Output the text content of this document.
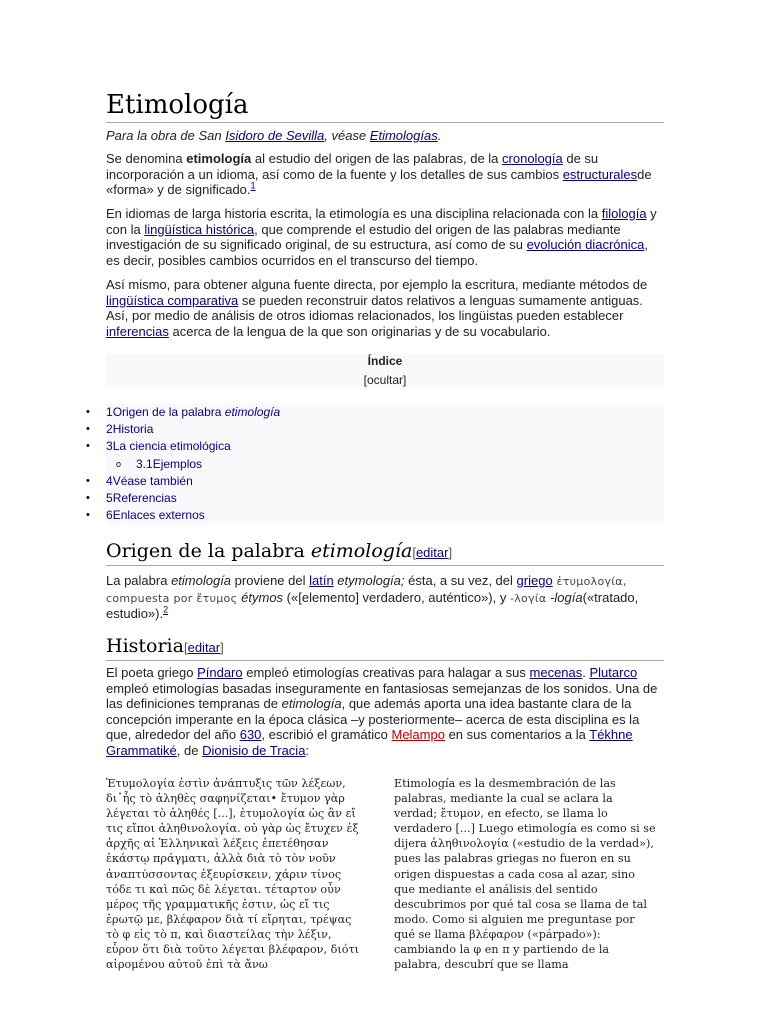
Etimología
Para la obra de San Isidoro de Sevilla, véase Etimologías.
Se denomina etimología al estudio del origen de las palabras, de la cronología de su incorporación a un idioma, así como de la fuente y los detalles de sus cambios estructuralesde «forma» y de significado.$^1$
En idiomas de larga historia escrita, la etimología es una disciplina relacionada con la filología y con la lingüística histórica, que comprende el estudio del origen de las palabras mediante investigación de su significado original, de su estructura, así como de su evolución diacrónica, es decir, posibles cambios ocurridos en el transcurso del tiempo.
Así mismo, para obtener alguna fuente directa, por ejemplo la escritura, mediante métodos de lingüística comparativa se pueden reconstruir datos relativos a lenguas sumamente antiguas. Así, por medio de análisis de otros idiomas relacionados, los lingüistas pueden establecer inferencias acerca de la lengua de la que son originarias y de su vocabulario.
Índice
[ocultar]
• 1Origen de la palabra etimología
• 2Historia
• 3La ciencia etimológica
o 3.1Ejemplos
• 4Véase también
• 5Referencias
• 6Enlaces externos
Origen de la palabra etimología[editar]
La palabra etimología proviene del latín etymología; ésta, a su vez, del griego ἐτυμολογία, compuesta por ἔτυμος étymos («[elemento] verdadero, auténtico»), y -λογία -logía(«tratado, estudio»).$^2$
Historia[editar]
El poeta griego Píndaro empleó etimologías creativas para halagar a sus mecenas. Plutarco empleó etimologías basadas inseguramente en fantasiosas semejanzas de los sonidos. Una de las definiciones tempranas de etimología, que además aporta una idea bastante clara de la concepción imperante en la época clásica –y posteriormente– acerca de esta disciplina es la que, alrededor del año 630, escribió el gramático Melampo en sus comentarios a la Tékhne Grammatiké, de Dionisio de Tracia:
Ἐτυμολογία ἐστὶν ἀνάπτυξις τῶν λέξεων, δι᾽ἧς τὸ ἀληθὲς σαφηνίζεται• ἔτυμον γὰρ λέγεται τὸ ἀληθές [...], ἐτυμολογία ὡς ἂν εἴ τις εἴποι ἀληθινολογία. οὐ γὰρ ὡς ἔτυχεν ἐξ ἀρχῆς αἱ Ἑλληνικαὶ λέξεις ἐπετέθησαν ἑκάστῳ πράγματι, ἀλλὰ διὰ τὸ τὸν νοῦν ἀναπτύσσοντας ἐξευρίσκειν, χάριν τίνος τόδε τι καὶ πῶς δὲ λέγεται. τέταρτον οὖν μέρος τῆς γραμματικῆς ἐστιν, ὡς εἴ τις ἐρωτῷ με, βλέφαρον διὰ τί εἴρηται, τρέψας τὸ φ εἰς τὸ π, καὶ διαστείλας τὴν λέξιν, εὗρον ὅτι διὰ τοῦτο λέγεται βλέφαρον, διότι αἰρομένου αὐτοῦ ἐπὶ τὰ ἄνω
Etimología es la desmembración de las palabras, mediante la cual se aclara la verdad; ἔτυμον, en efecto, se llama lo verdadero [...] Luego etimología es como si se dijera ἀληθινολογία («estudio de la verdad»), pues las palabras griegas no fueron en su origen dispuestas a cada cosa al azar, sino que mediante el análisis del sentido descubrimos por qué tal cosa se llama de tal modo. Como si alguien me preguntase por qué se llama βλέφαρον («párpado»): cambiando la φ en π y partiendo de la palabra, descubrí que se llama
